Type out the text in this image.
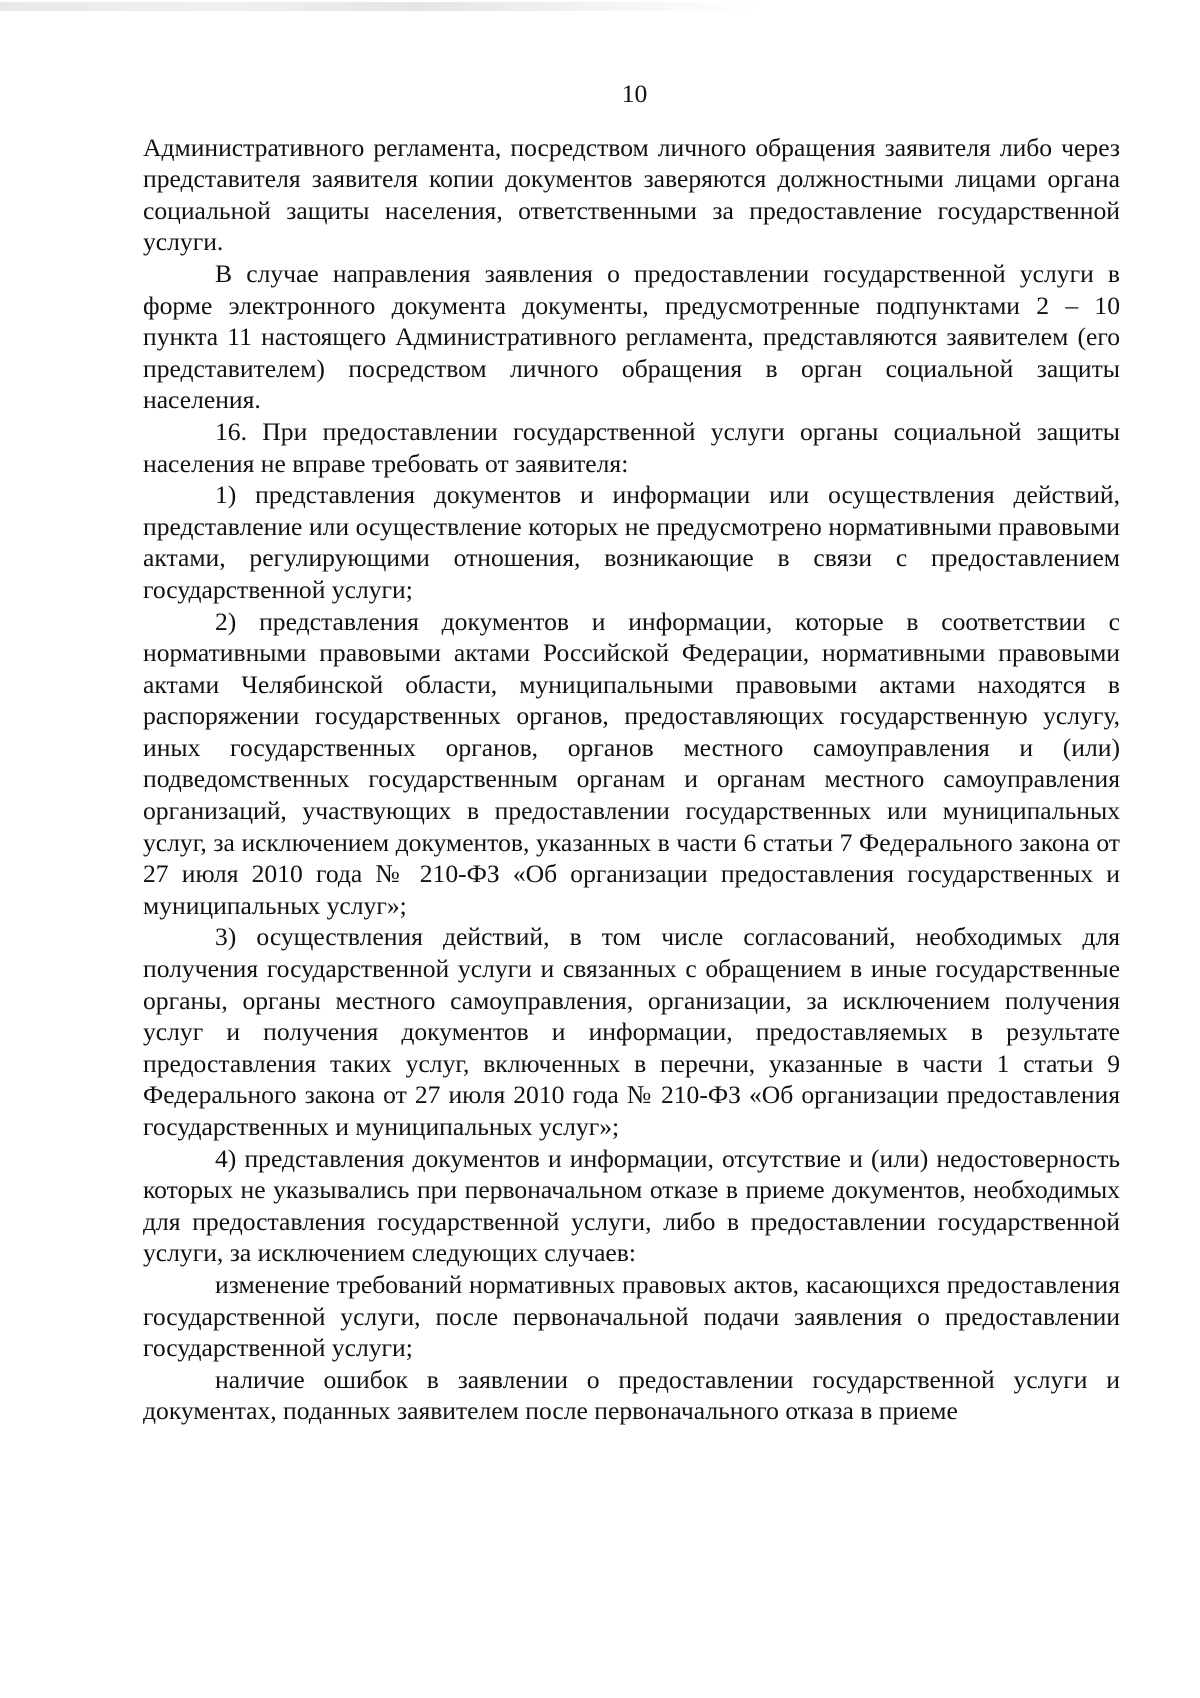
10

Административного регламента, посредством личного обращения заявителя либо через представителя заявителя копии документов заверяются должностными лицами органа социальной защиты населения, ответственными за предоставление государственной услуги.

В случае направления заявления о предоставлении государственной услуги в форме электронного документа документы, предусмотренные подпунктами 2 – 10 пункта 11 настоящего Административного регламента, представляются заявителем (его представителем) посредством личного обращения в орган социальной защиты населения.

16. При предоставлении государственной услуги органы социальной защиты населения не вправе требовать от заявителя:

1) представления документов и информации или осуществления действий, представление или осуществление которых не предусмотрено нормативными правовыми актами, регулирующими отношения, возникающие в связи с предоставлением государственной услуги;

2) представления документов и информации, которые в соответствии с нормативными правовыми актами Российской Федерации, нормативными правовыми актами Челябинской области, муниципальными правовыми актами находятся в распоряжении государственных органов, предоставляющих государственную услугу, иных государственных органов, органов местного самоуправления и (или) подведомственных государственным органам и органам местного самоуправления организаций, участвующих в предоставлении государственных или муниципальных услуг, за исключением документов, указанных в части 6 статьи 7 Федерального закона от 27 июля 2010 года № 210-ФЗ «Об организации предоставления государственных и муниципальных услуг»;

3) осуществления действий, в том числе согласований, необходимых для получения государственной услуги и связанных с обращением в иные государственные органы, органы местного самоуправления, организации, за исключением получения услуг и получения документов и информации, предоставляемых в результате предоставления таких услуг, включенных в перечни, указанные в части 1 статьи 9 Федерального закона от 27 июля 2010 года № 210-ФЗ «Об организации предоставления государственных и муниципальных услуг»;

4) представления документов и информации, отсутствие и (или) недостоверность которых не указывались при первоначальном отказе в приеме документов, необходимых для предоставления государственной услуги, либо в предоставлении государственной услуги, за исключением следующих случаев:

изменение требований нормативных правовых актов, касающихся предоставления государственной услуги, после первоначальной подачи заявления о предоставлении государственной услуги;

наличие ошибок в заявлении о предоставлении государственной услуги и документах, поданных заявителем после первоначального отказа в приеме
